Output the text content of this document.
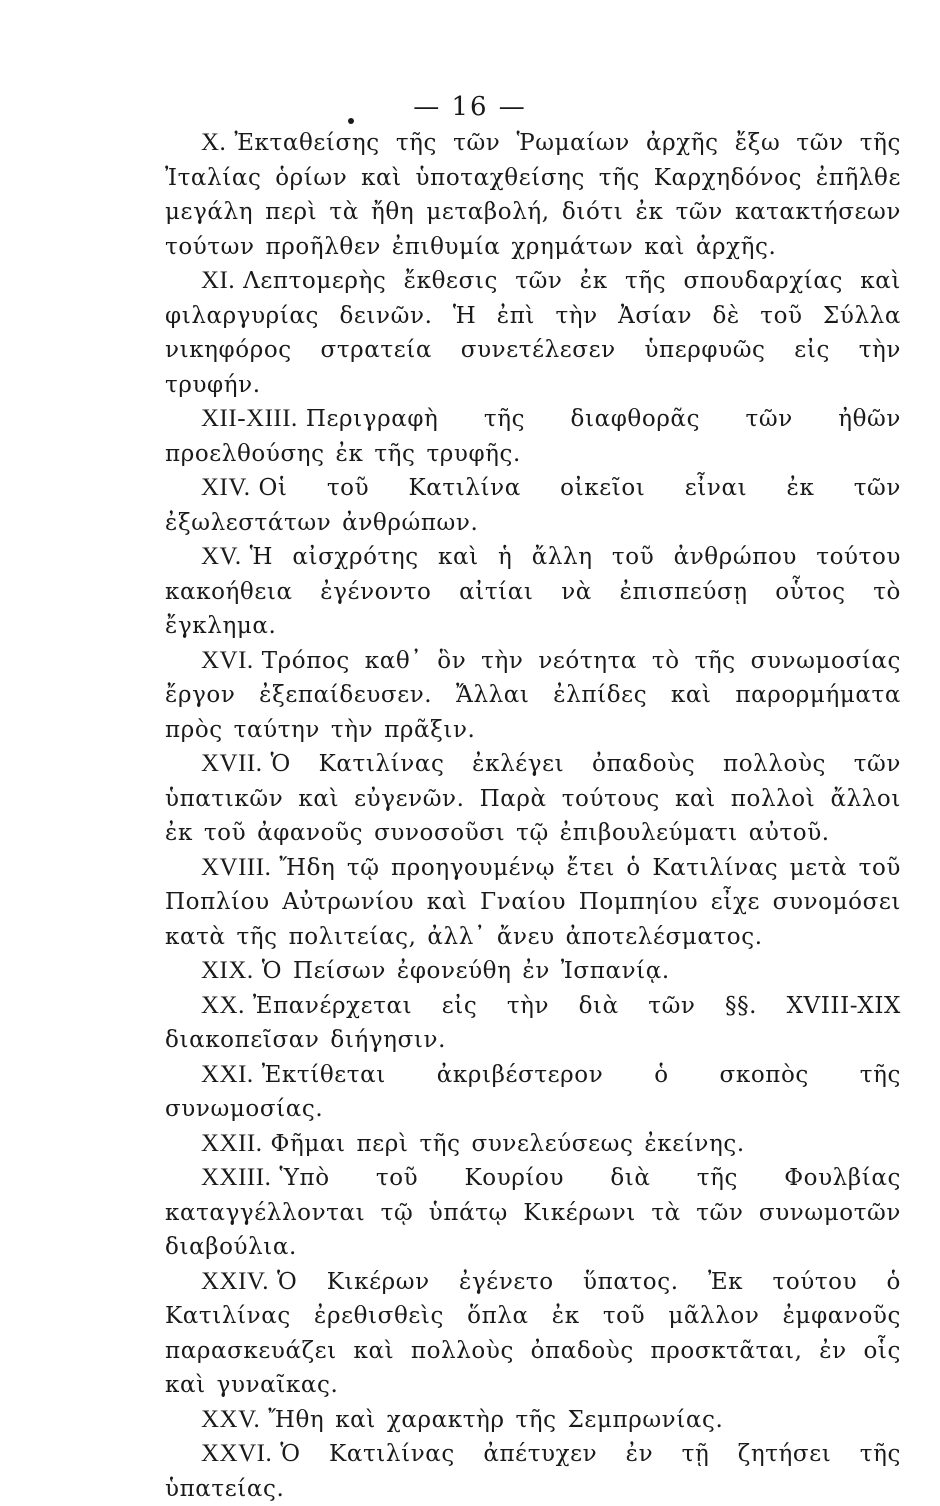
— 16 —

X. Ἐκταθείσης τῆς τῶν Ῥωμαίων ἀρχῆς ἔξω τῶν τῆς Ἰταλίας ὁρίων καὶ ὑποταχθείσης τῆς Καρχηδόνος ἐπῆλθε μεγάλη περὶ τὰ ἤθη μεταβολή, διότι ἐκ τῶν κατακτήσεων τούτων προῆλθεν ἐπιθυμία χρημάτων καὶ ἀρχῆς.

XI. Λεπτομερὴς ἔκθεσις τῶν ἐκ τῆς σπουδαρχίας καὶ φιλαργυρίας δεινῶν. Ἡ ἐπὶ τὴν Ἀσίαν δὲ τοῦ Σύλλα νικηφόρος στρατεία συνετέλεσεν ὑπερφυῶς εἰς τὴν τρυφήν.

XII-XIII. Περιγραφὴ τῆς διαφθορᾶς τῶν ἠθῶν προελθούσης ἐκ τῆς τρυφῆς.

XIV. Οἱ τοῦ Κατιλίνα οἰκεῖοι εἶναι ἐκ τῶν ἐξωλεστάτων ἀνθρώπων.

XV. Ἡ αἰσχρότης καὶ ἡ ἄλλη τοῦ ἀνθρώπου τούτου κακοήθεια ἐγένοντο αἰτίαι νὰ ἐπισπεύσῃ οὗτος τὸ ἔγκλημα.

XVI. Τρόπος καθ᾽ ὃν τὴν νεότητα τὸ τῆς συνωμοσίας ἔργον ἐξεπαίδευσεν. Ἄλλαι ἐλπίδες καὶ παρορμήματα πρὸς ταύτην τὴν πρᾶξιν.

XVII. Ὁ Κατιλίνας ἐκλέγει ὀπαδοὺς πολλοὺς τῶν ὑπατικῶν καὶ εὐγενῶν. Παρὰ τούτους καὶ πολλοὶ ἄλλοι ἐκ τοῦ ἀφανοῦς συνοσοῦσι τῷ ἐπιβουλεύματι αὐτοῦ.

XVIII. Ἤδη τῷ προηγουμένῳ ἔτει ὁ Κατιλίνας μετὰ τοῦ Ποπλίου Αὐτρωνίου καὶ Γναίου Πομπηίου εἶχε συνομόσει κατὰ τῆς πολιτείας, ἀλλ᾽ ἄνευ ἀποτελέσματος.

XIX. Ὁ Πείσων ἐφονεύθη ἐν Ἰσπανίᾳ.

XX. Ἐπανέρχεται εἰς τὴν διὰ τῶν §§. XVIII-XIX διακοπεῖσαν διήγησιν.

XXI. Ἐκτίθεται ἀκριβέστερον ὁ σκοπὸς τῆς συνωμοσίας.

XXII. Φῆμαι περὶ τῆς συνελεύσεως ἐκείνης.

XXIII. Ὑπὸ τοῦ Κουρίου διὰ τῆς Φουλβίας καταγγέλλονται τῷ ὑπάτῳ Κικέρωνι τὰ τῶν συνωμοτῶν διαβούλια.

XXIV. Ὁ Κικέρων ἐγένετο ὕπατος. Ἐκ τούτου ὁ Κατιλίνας ἐρεθισθεὶς ὅπλα ἐκ τοῦ μᾶλλον ἐμφανοῦς παρασκευάζει καὶ πολλοὺς ὀπαδοὺς προσκτᾶται, ἐν οἷς καὶ γυναῖκας.

XXV. Ἤθη καὶ χαρακτὴρ τῆς Σεμπρωνίας.

XXVI. Ὁ Κατιλίνας ἀπέτυχεν ἐν τῇ ζητήσει τῆς ὑπατείας.
